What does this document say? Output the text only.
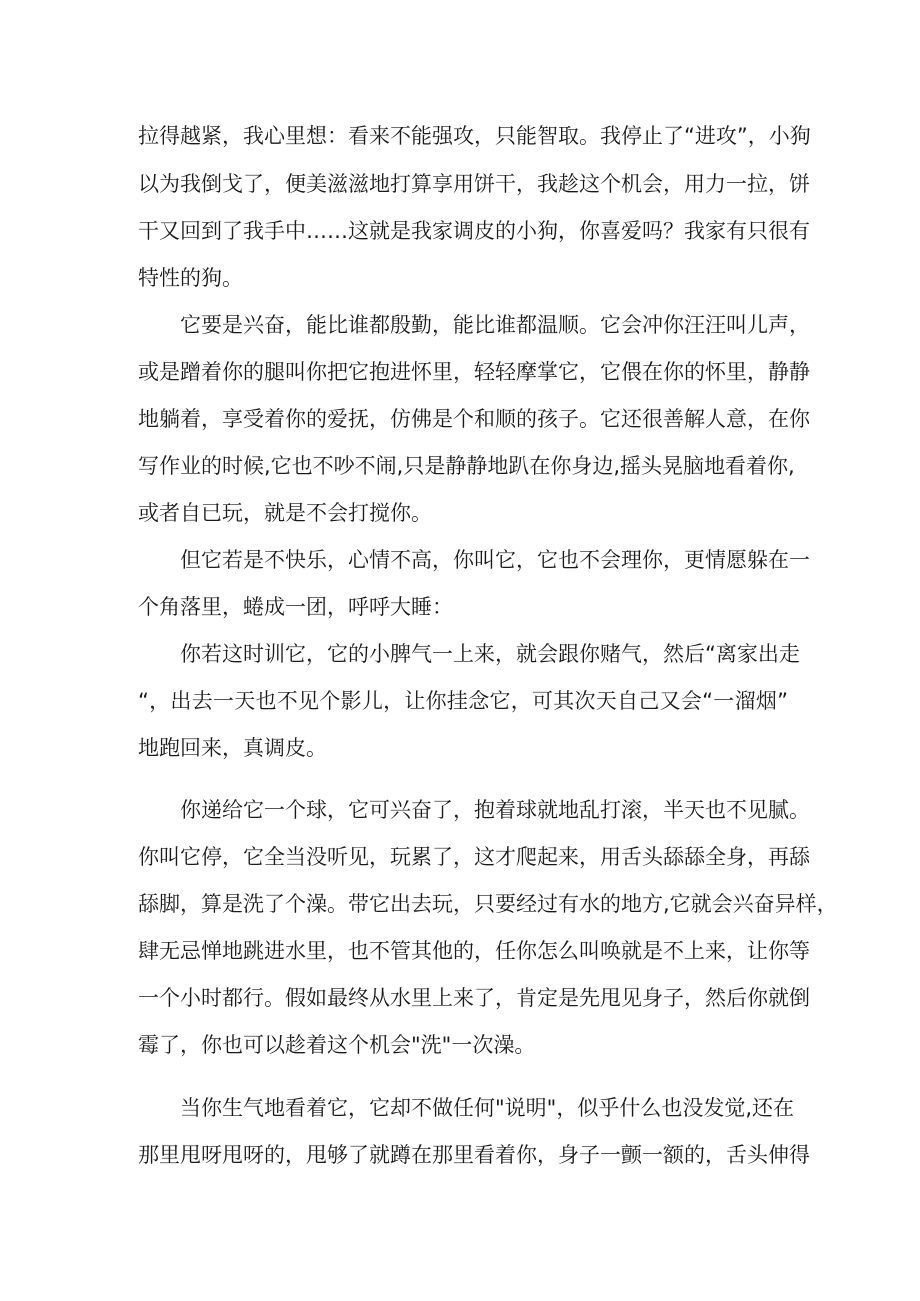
拉得越紧，我心里想：看来不能强攻，只能智取。我停止了“进攻”，小狗
以为我倒戈了，便美滋滋地打算享用饼干，我趁这个机会，用力一拉，饼
干又回到了我手中……这就是我家调皮的小狗，你喜爱吗？我家有只很有
特性的狗。
它要是兴奋，能比谁都殷勤，能比谁都温顺。它会冲你汪汪叫儿声，
或是蹭着你的腿叫你把它抱进怀里，轻轻摩掌它，它偎在你的怀里，静静
地躺着，享受着你的爱抚，仿佛是个和顺的孩子。它还很善解人意，在你
写作业的时候,它也不吵不闹,只是静静地趴在你身边,摇头晃脑地看着你,
或者自已玩，就是不会打搅你。
但它若是不快乐，心情不高，你叫它，它也不会理你，更情愿躲在一
个角落里，蜷成一团，呼呼大睡：
你若这时训它，它的小脾气一上来，就会跟你赌气，然后“离家出走
“，出去一天也不见个影儿，让你挂念它，可其次天自己又会“一溜烟”
地跑回来，真调皮。
你递给它一个球，它可兴奋了，抱着球就地乱打滚，半天也不见腻。
你叫它停，它全当没听见，玩累了，这才爬起来，用舌头舔舔全身，再舔
舔脚，算是洗了个澡。带它出去玩，只要经过有水的地方,它就会兴奋异样，
肆无忌惮地跳进水里，也不管其他的，任你怎么叫唤就是不上来，让你等
一个小时都行。假如最终从水里上来了，肯定是先甩见身子，然后你就倒
霉了，你也可以趁着这个机会"洗"一次澡。
当你生气地看着它，它却不做任何"说明"，似乎什么也没发觉,还在
那里甩呀甩呀的，甩够了就蹲在那里看着你，身子一颤一额的，舌头伸得
